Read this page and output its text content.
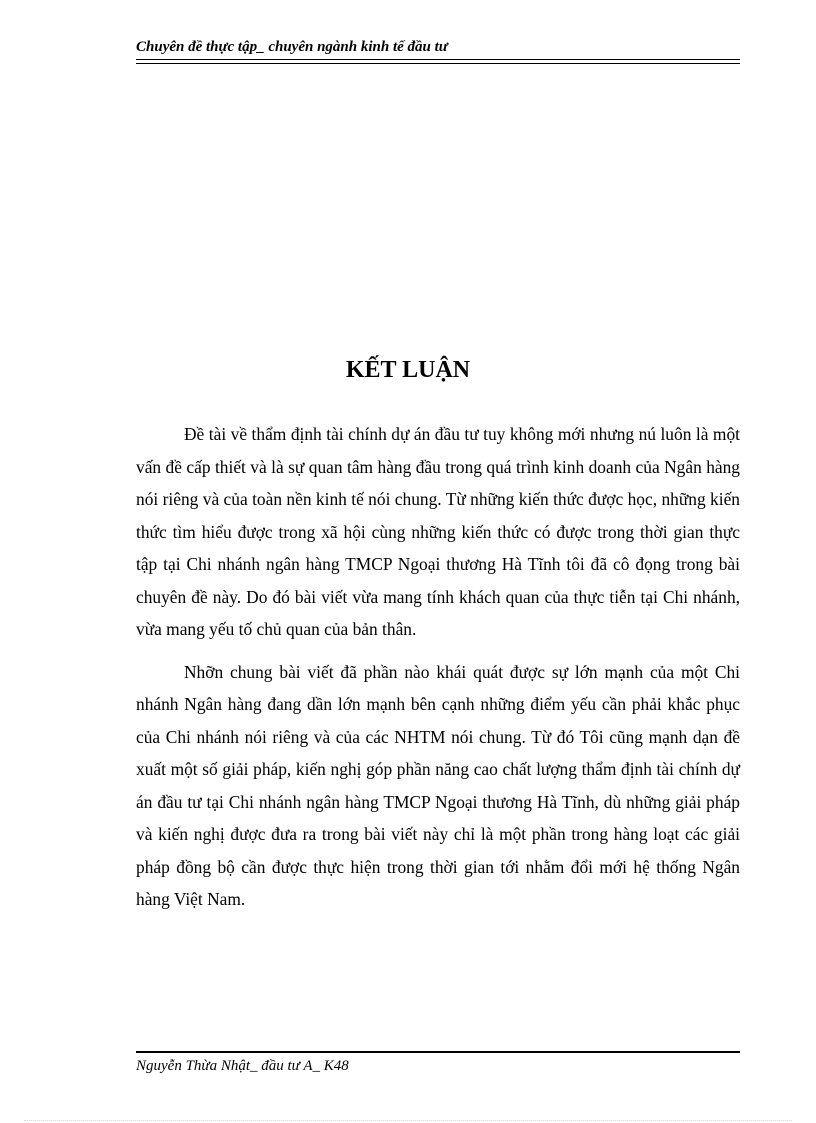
Chuyên đề thực tập_ chuyên ngành kinh tế đầu tư
KẾT LUẬN

Đề tài về thẩm định tài chính dự án đầu tư tuy không mới nhưng nú luôn là một vấn đề cấp thiết và là sự quan tâm hàng đầu trong quá trình kinh doanh của Ngân hàng nói riêng và của toàn nền kinh tế nói chung. Từ những kiến thức được học, những kiến thức tìm hiểu được trong xã hội cùng những kiến thức có được trong thời gian thực tập tại Chi nhánh ngân hàng TMCP Ngoại thương Hà Tĩnh tôi đã cô đọng trong bài chuyên đề này. Do đó bài viết vừa mang tính khách quan của thực tiễn tại Chi nhánh, vừa mang yếu tố chủ quan của bản thân.

Nhỡn chung bài viết đã phần nào khái quát được sự lớn mạnh của một Chi nhánh Ngân hàng đang dần lớn mạnh bên cạnh những điểm yếu cần phải khắc phục của Chi nhánh nói riêng và của các NHTM nói chung. Từ đó Tôi cũng mạnh dạn đề xuất một số giải pháp, kiến nghị góp phần năng cao chất lượng thẩm định tài chính dự án đầu tư tại Chi nhánh ngân hàng TMCP Ngoại thương Hà Tĩnh, dù những giải pháp và kiến nghị được đưa ra trong bài viết này chỉ là một phần trong hàng loạt các giải pháp đồng bộ cần được thực hiện trong thời gian tới nhằm đổi mới hệ thống Ngân hàng Việt Nam.

Nguyễn Thừa Nhật_ đầu tư A_ K48
